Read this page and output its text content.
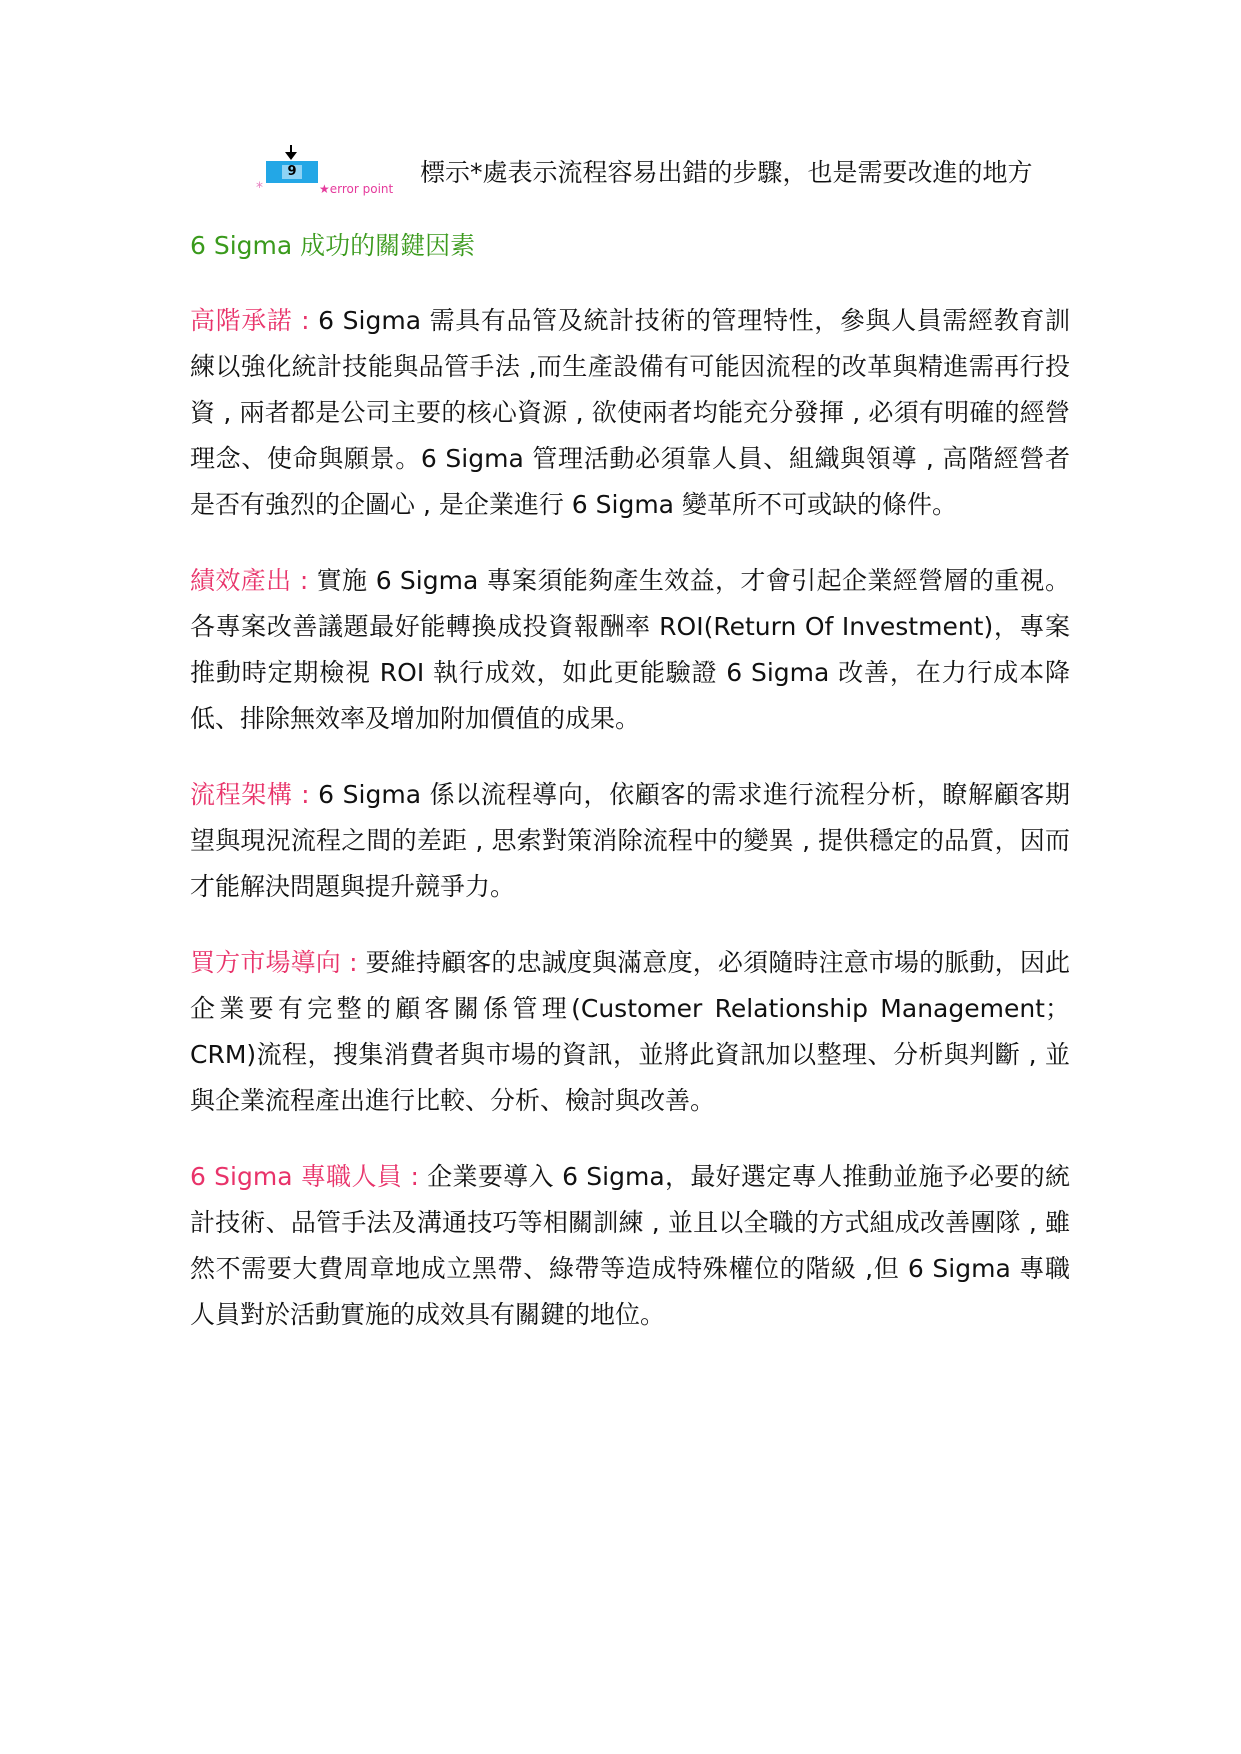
*
9
★error point
標示*處表示流程容易出錯的步驟，也是需要改進的地方

6 Sigma 成功的關鍵因素

高階承諾 : 6 Sigma 需具有品管及統計技術的管理特性，參與人員需經教育訓練以強化統計技能與品管手法 ,而生產設備有可能因流程的改革與精進需再行投資 , 兩者都是公司主要的核心資源 , 欲使兩者均能充分發揮 , 必須有明確的經營理念、使命與願景。6 Sigma 管理活動必須靠人員、組織與領導 , 高階經營者是否有強烈的企圖心 , 是企業進行 6 Sigma 變革所不可或缺的條件。

績效產出 : 實施 6 Sigma 專案須能夠產生效益，才會引起企業經營層的重視。各專案改善議題最好能轉換成投資報酬率 ROI(Return Of Investment)，專案推動時定期檢視 ROI 執行成效，如此更能驗證 6 Sigma 改善，在力行成本降低、排除無效率及增加附加價值的成果。

流程架構 : 6 Sigma 係以流程導向，依顧客的需求進行流程分析，瞭解顧客期望與現況流程之間的差距 , 思索對策消除流程中的變異 , 提供穩定的品質，因而才能解決問題與提升競爭力。

買方市場導向 : 要維持顧客的忠誠度與滿意度，必須隨時注意市場的脈動，因此企業要有完整的顧客關係管理(Customer Relationship Management；CRM)流程，搜集消費者與市場的資訊，並將此資訊加以整理、分析與判斷 , 並與企業流程產出進行比較、分析、檢討與改善。

6 Sigma 專職人員 : 企業要導入 6 Sigma，最好選定專人推動並施予必要的統計技術、品管手法及溝通技巧等相關訓練 , 並且以全職的方式組成改善團隊 , 雖然不需要大費周章地成立黑帶、綠帶等造成特殊權位的階級 ,但 6 Sigma 專職人員對於活動實施的成效具有關鍵的地位。
